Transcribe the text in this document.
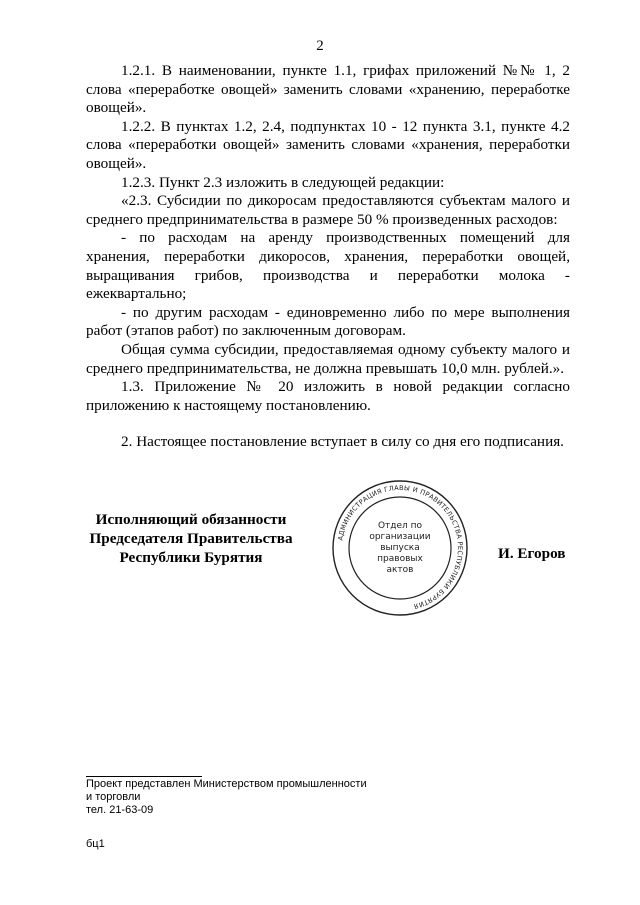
2

1.2.1. В наименовании, пункте 1.1, грифах приложений №№ 1, 2 слова «переработке овощей» заменить словами «хранению, переработке овощей».

1.2.2. В пунктах 1.2, 2.4, подпунктах 10 - 12 пункта 3.1, пункте 4.2 слова «переработки овощей» заменить словами «хранения, переработки овощей».

1.2.3. Пункт 2.3 изложить в следующей редакции:

«2.3. Субсидии по дикоросам предоставляются субъектам малого и среднего предпринимательства в размере 50 % произведенных расходов:

- по расходам на аренду производственных помещений для хранения, переработки дикоросов, хранения, переработки овощей, выращивания грибов, производства и переработки молока - ежеквартально;

- по другим расходам - единовременно либо по мере выполнения работ (этапов работ) по заключенным договорам.

Общая сумма субсидии, предоставляемая одному субъекту малого и среднего предпринимательства, не должна превышать 10,0 млн. рублей.».

1.3. Приложение № 20 изложить в новой редакции согласно приложению к настоящему постановлению.

2. Настоящее постановление вступает в силу со дня его подписания.

Исполняющий обязанности
Председателя Правительства
Республики Бурятия
АДМИНИСТРАЦИЯ ГЛАВЫ И ПРАВИТЕЛЬСТВА РЕСПУБЛИКИ БУРЯТИЯ
Отдел по
организации
выпуска
правовых
актов
И. Егоров
Проект представлен Министерством промышленности
и торговли
тел. 21-63-09
бц1
